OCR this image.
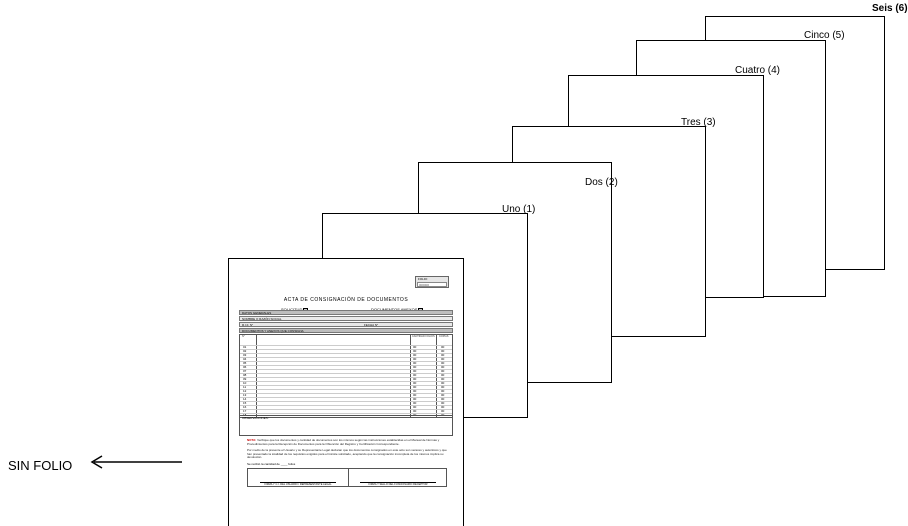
Seis (6)
Cinco (5)
Cuatro (4)
Tres (3)
Dos (2)
Uno (1)
FOLIO:
000000
ACTA DE CONSIGNACIÓN DE DOCUMENTOS
DATOS GENERALES
NOMBRE O RAZÓN SOCIAL
R.I.F. N°	FECHA N°
DOCUMENTOS Y ANEXOS QUE CONSIGNA
N°	CANTIDAD FOLIOS COPIAS
01	00	00
02	00	00
03	00	00
04	00	00
05	00	00
06	00	00
07	00	00
08	00	00
09	00	00
10	00	00
11	00	00
12	00	00
13	00	00
14	00	00
15	00	00
16	00	00
17	00	00
18	00	00
OBSERVACIONES:
NOTA: Verifique que los documentos y cantidad de documentos son los mismos según las instrucciones establecidas en el Manual de Normas y Procedimientos para la Recepción de Documentos para la Obtención del Registro y Certificación Correspondiente.
Por medio de la presente el Usuario y su Representante Legal declaran que los documentos consignados en este acto son veraces y auténticos y que han presentado la totalidad de los requisitos exigidos para el trámite solicitado, aceptando que la consignación incompleta de los mismos implica su devolución.
Se recibió la cantidad de ____ folios
FIRMA Y C.I. DEL USUARIO / REPRESENTANTE LEGAL	FIRMA Y SELLO DEL FUNCIONARIO RECEPTOR
SIN FOLIO
